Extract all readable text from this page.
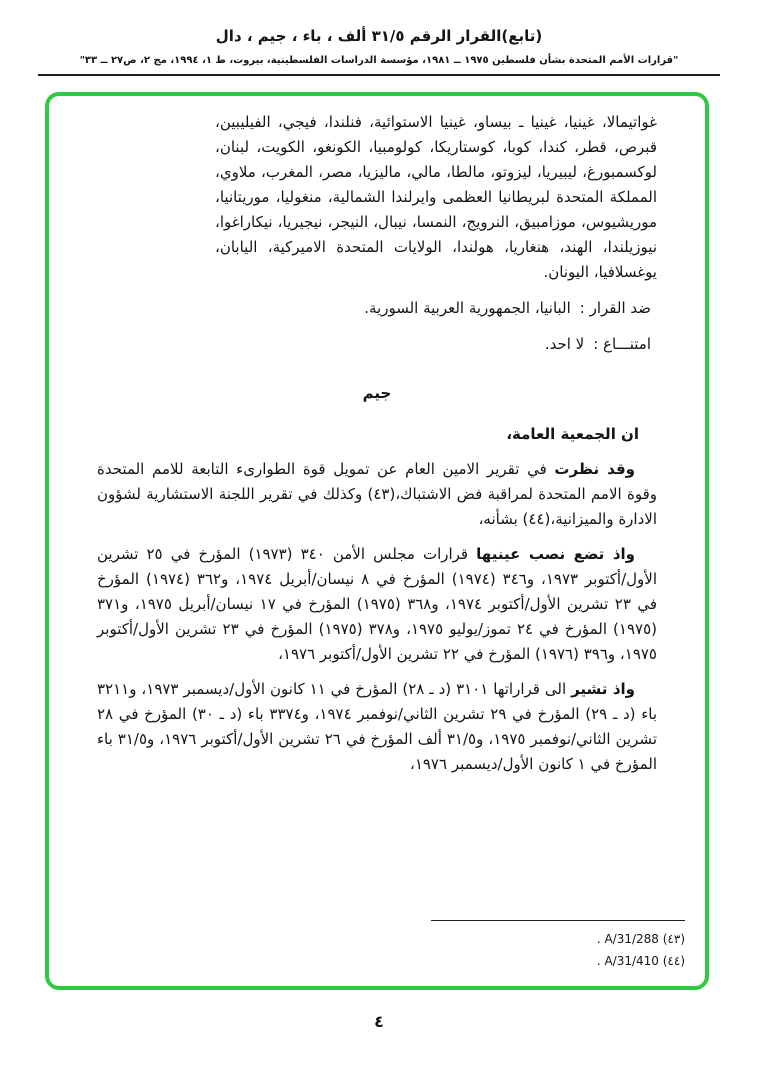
(تابع)القرار الرقم ٣١/٥ ألف ، باء ، جيم ، دال
"قرارات الأمم المتحدة بشأن فلسطين ١٩٧٥ ــ ١٩٨١، مؤسسة الدراسات الفلسطينية، بيروت، ط ١، ١٩٩٤، مج ٢، ص٢٧ ــ ٣٣"

غواتيمالا، غينيا، غينيا ـ بيساو، غينيا الاستوائية، فنلندا، فيجي، الفيليبين، قبرص، قطر، كندا، كوبا، كوستاريكا، كولومبيا، الكونغو، الكويت، لبنان، لوكسمبورغ، ليبيريا، ليزوتو، مالطا، مالي، ماليزيا، مصر، المغرب، ملاوي، المملكة المتحدة لبريطانيا العظمى وايرلندا الشمالية، منغوليا، موريتانيا، موريشيوس، موزامبيق، النرويج، النمسا، نيبال، النيجر، نيجيريا، نيكاراغوا، نيوزيلندا، الهند، هنغاريا، هولندا، الولايات المتحدة الاميركية، اليابان، يوغسلافيا، اليونان.

ضد القرار :البانيا، الجمهورية العربية السورية.

امتنـــاع :لا احد.

جيم

ان الجمعية العامة،

وقد نظرت في تقرير الامين العام عن تمويل قوة الطوارىء التابعة للامم المتحدة وقوة الامم المتحدة لمراقبة فض الاشتباك،(٤٣) وكذلك في تقرير اللجنة الاستشارية لشؤون الادارة والميزانية،(٤٤) بشأنه،

واذ تضع نصب عينيها قرارات مجلس الأمن ٣٤٠ (١٩٧٣) المؤرخ في ٢٥ تشرين الأول/أكتوبر ١٩٧٣، و٣٤٦ (١٩٧٤) المؤرخ في ٨ نيسان/أبريل ١٩٧٤، و٣٦٢ (١٩٧٤) المؤرخ في ٢٣ تشرين الأول/أكتوبر ١٩٧٤، و٣٦٨ (١٩٧٥) المؤرخ في ١٧ نيسان/أبريل ١٩٧٥، و٣٧١ (١٩٧٥) المؤرخ في ٢٤ تموز/يوليو ١٩٧٥، و٣٧٨ (١٩٧٥) المؤرخ في ٢٣ تشرين الأول/أكتوبر ١٩٧٥، و٣٩٦ (١٩٧٦) المؤرخ في ٢٢ تشرين الأول/أكتوبر ١٩٧٦،

واذ تشير الى قراراتها ٣١٠١ (د ـ ٢٨) المؤرخ في ١١ كانون الأول/ديسمبر ١٩٧٣، و٣٢١١ باء (د ـ ٢٩) المؤرخ في ٢٩ تشرين الثاني/نوفمبر ١٩٧٤، و٣٣٧٤ باء (د ـ ٣٠) المؤرخ في ٢٨ تشرين الثاني/نوفمبر ١٩٧٥، و٣١/٥ ألف المؤرخ في ٢٦ تشرين الأول/أكتوبر ١٩٧٦، و٣١/٥ باء المؤرخ في ١ كانون الأول/ديسمبر ١٩٧٦،

(٤٣) A/31/288 .
(٤٤) A/31/410 .
٤
